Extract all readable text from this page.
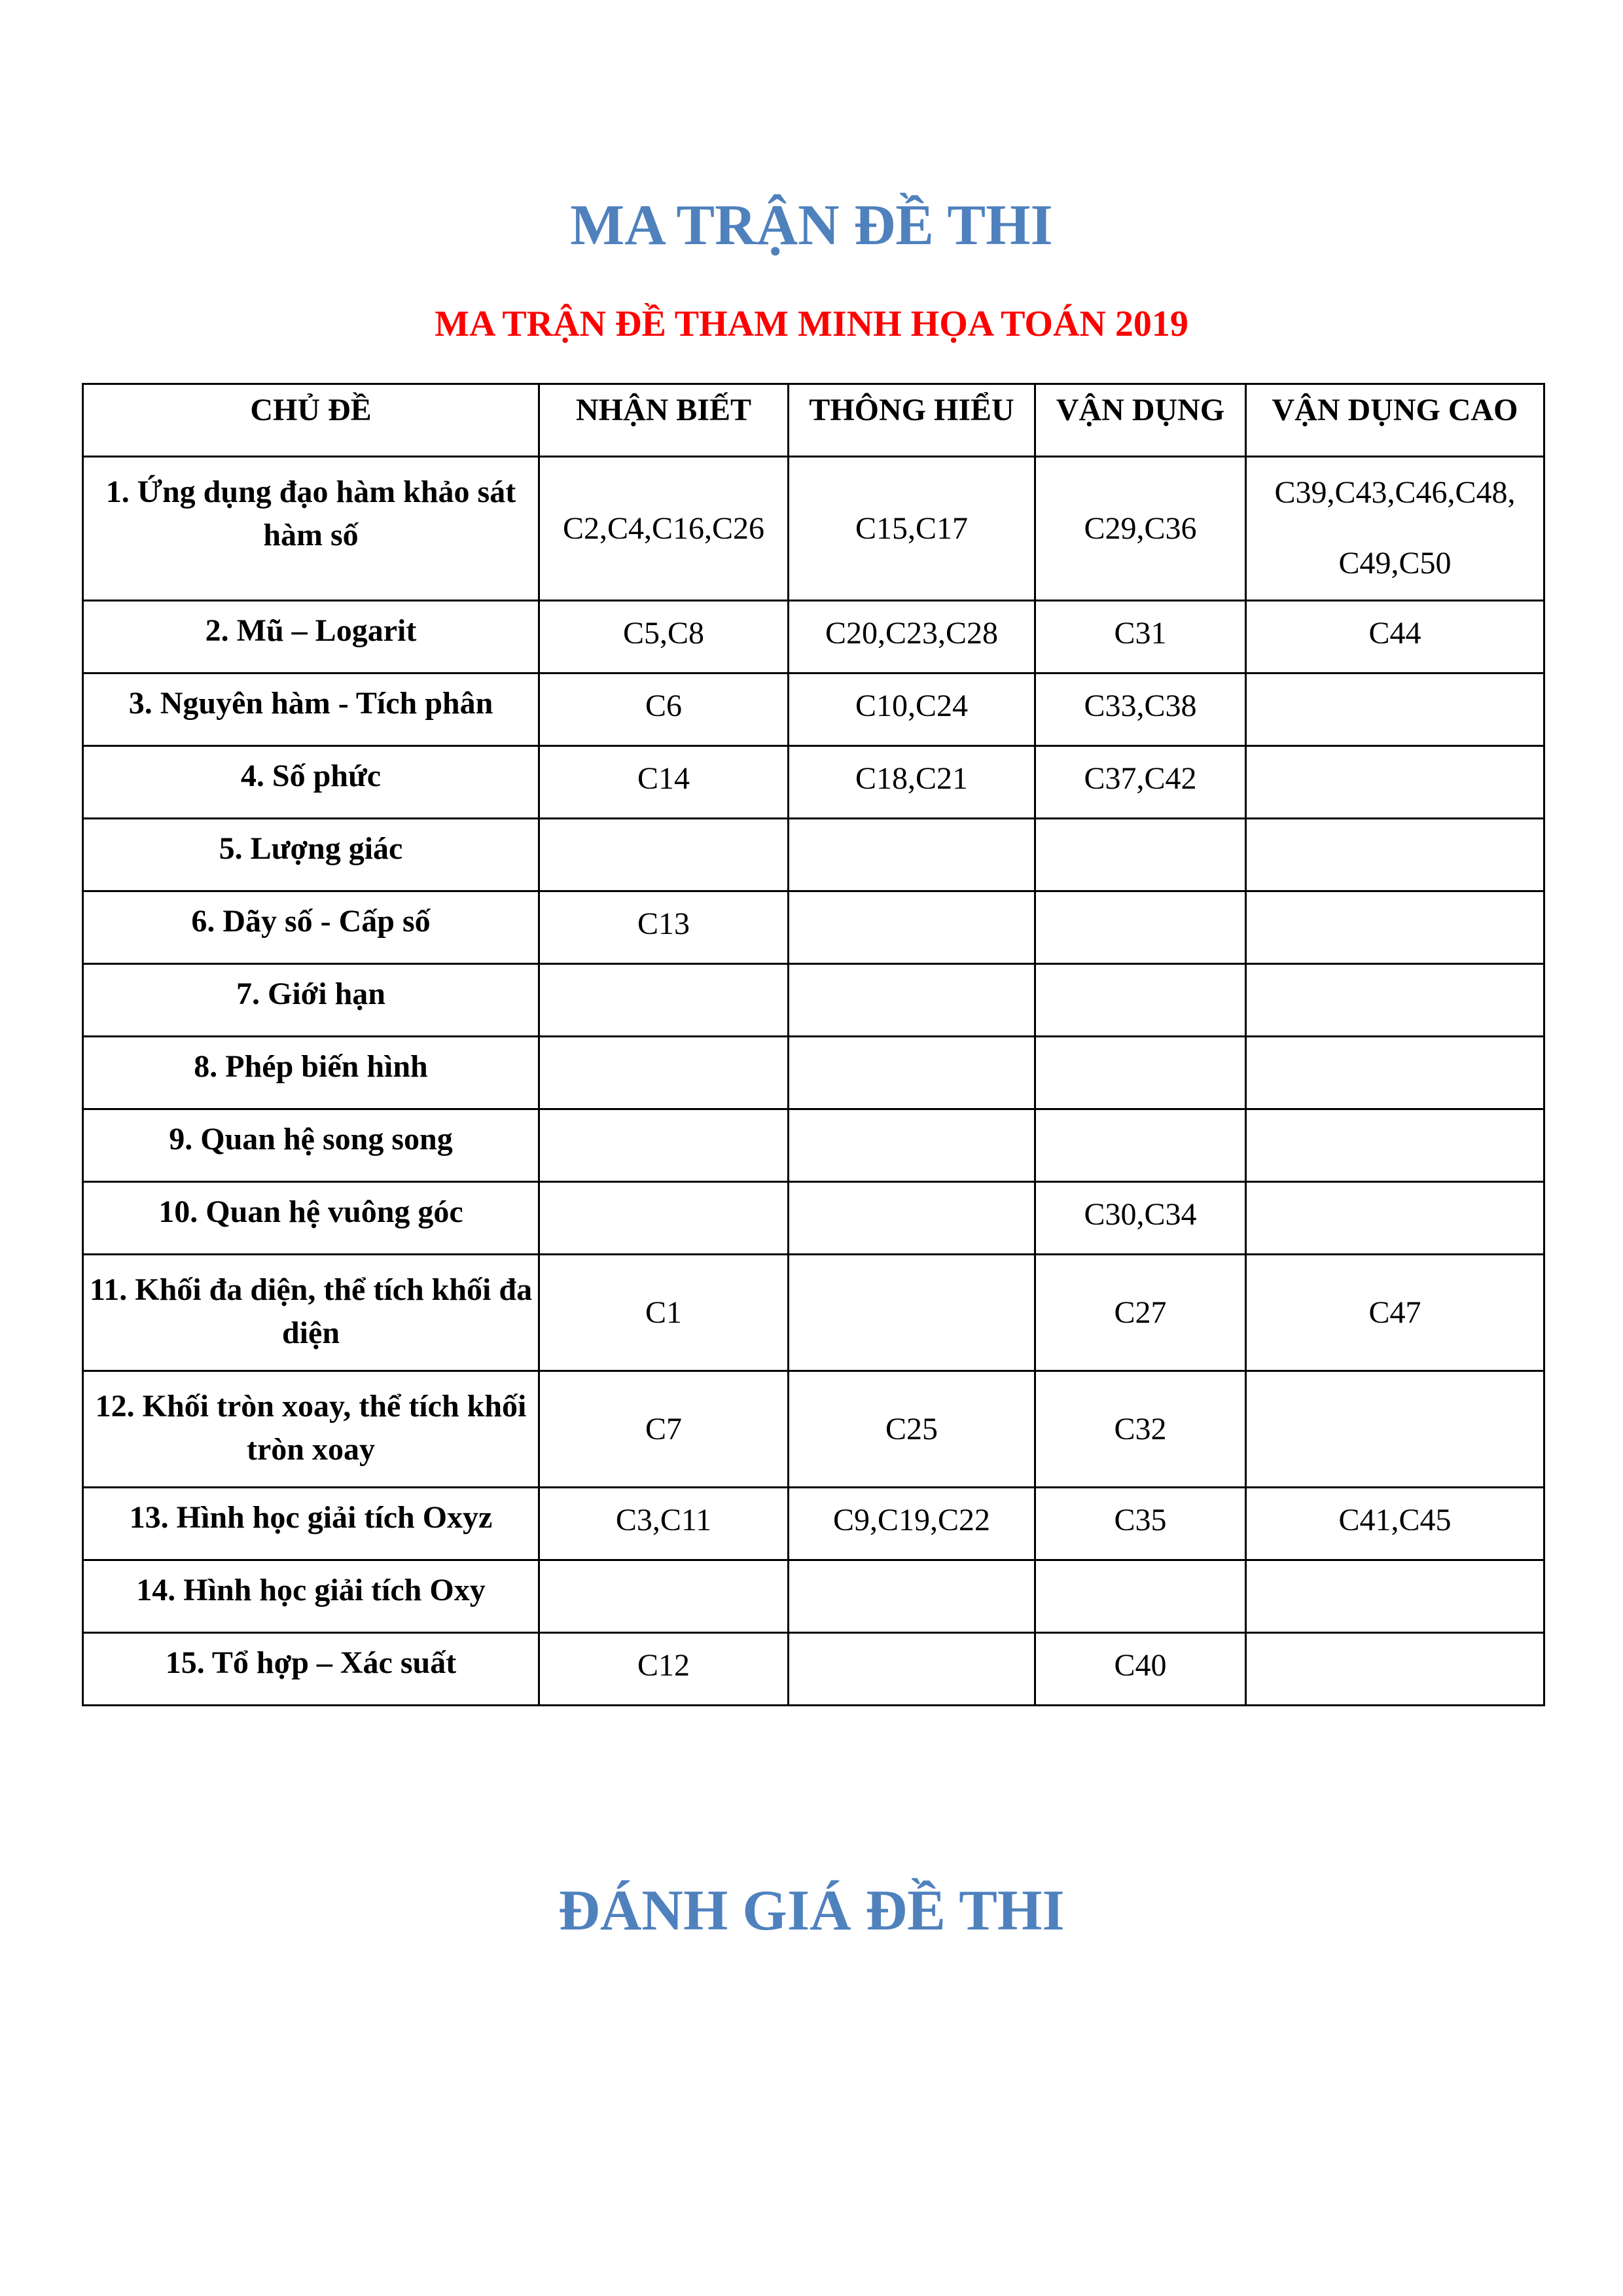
MA TRẬN ĐỀ THI
MA TRẬN ĐỀ THAM MINH HỌA TOÁN 2019
CHỦ ĐỀ	NHẬN BIẾT	THÔNG HIỂU	VẬN DỤNG	VẬN DỤNG CAO
1. Ứng dụng đạo hàm khảo sát hàm số	C2,C4,C16,C26	C15,C17	C29,C36	C39,C43,C46,C48, C49,C50
2. Mũ – Logarit	C5,C8	C20,C23,C28	C31	C44
3. Nguyên hàm - Tích phân	C6	C10,C24	C33,C38	
4. Số phức	C14	C18,C21	C37,C42	
5. Lượng giác				
6. Dãy số - Cấp số	C13			
7. Giới hạn				
8. Phép biến hình				
9. Quan hệ song song				
10. Quan hệ vuông góc			C30,C34	
11. Khối đa diện, thể tích khối đa diện	C1		C27	C47
12. Khối tròn xoay, thể tích khối tròn xoay	C7	C25	C32	
13. Hình học giải tích Oxyz	C3,C11	C9,C19,C22	C35	C41,C45
14. Hình học giải tích Oxy				
15. Tổ hợp – Xác suất	C12		C40	
ĐÁNH GIÁ ĐỀ THI
